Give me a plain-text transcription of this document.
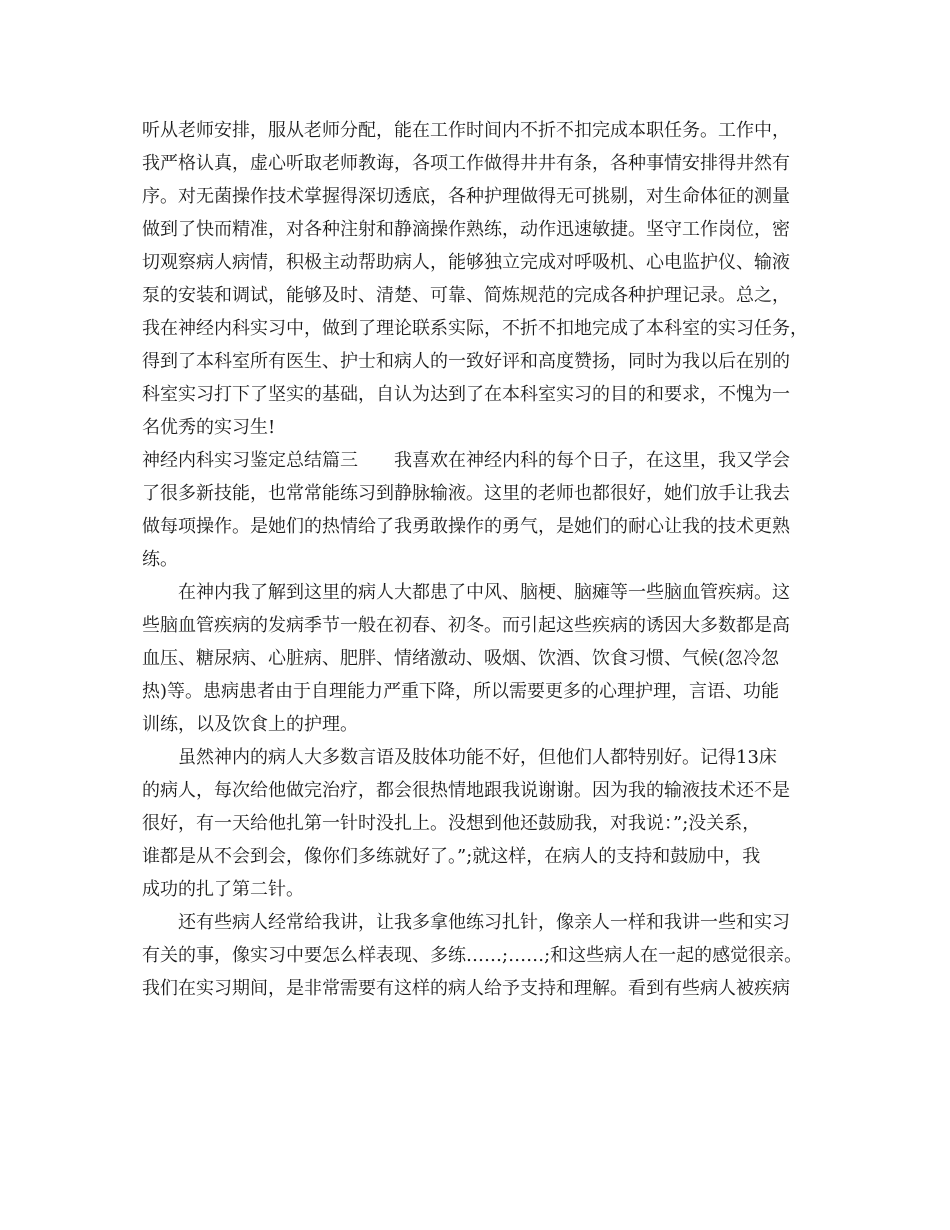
听从老师安排，服从老师分配，能在工作时间内不折不扣完成本职任务。工作中，
我严格认真，虚心听取老师教诲，各项工作做得井井有条，各种事情安排得井然有
序。对无菌操作技术掌握得深切透底，各种护理做得无可挑剔，对生命体征的测量
做到了快而精准，对各种注射和静滴操作熟练，动作迅速敏捷。坚守工作岗位，密
切观察病人病情，积极主动帮助病人，能够独立完成对呼吸机、心电监护仪、输液
泵的安装和调试，能够及时、清楚、可靠、简炼规范的完成各种护理记录。总之，
我在神经内科实习中，做到了理论联系实际，不折不扣地完成了本科室的实习任务，
得到了本科室所有医生、护士和病人的一致好评和高度赞扬，同时为我以后在别的
科室实习打下了坚实的基础，自认为达到了在本科室实习的目的和要求，不愧为一
名优秀的实习生!
神经内科实习鉴定总结篇三　　我喜欢在神经内科的每个日子，在这里，我又学会
了很多新技能，也常常能练习到静脉输液。这里的老师也都很好，她们放手让我去
做每项操作。是她们的热情给了我勇敢操作的勇气，是她们的耐心让我的技术更熟
练。
在神内我了解到这里的病人大都患了中风、脑梗、脑瘫等一些脑血管疾病。这
些脑血管疾病的发病季节一般在初春、初冬。而引起这些疾病的诱因大多数都是高
血压、糖尿病、心脏病、肥胖、情绪激动、吸烟、饮酒、饮食习惯、气候(忽冷忽
热)等。患病患者由于自理能力严重下降，所以需要更多的心理护理，言语、功能
训练，以及饮食上的护理。
虽然神内的病人大多数言语及肢体功能不好，但他们人都特别好。记得13床
的病人，每次给他做完治疗，都会很热情地跟我说谢谢。因为我的输液技术还不是
很好，有一天给他扎第一针时没扎上。没想到他还鼓励我，对我说：”;没关系，
谁都是从不会到会，像你们多练就好了。”;就这样，在病人的支持和鼓励中，我
成功的扎了第二针。
还有些病人经常给我讲，让我多拿他练习扎针，像亲人一样和我讲一些和实习
有关的事，像实习中要怎么样表现、多练……;……;和这些病人在一起的感觉很亲。
我们在实习期间，是非常需要有这样的病人给予支持和理解。看到有些病人被疾病
